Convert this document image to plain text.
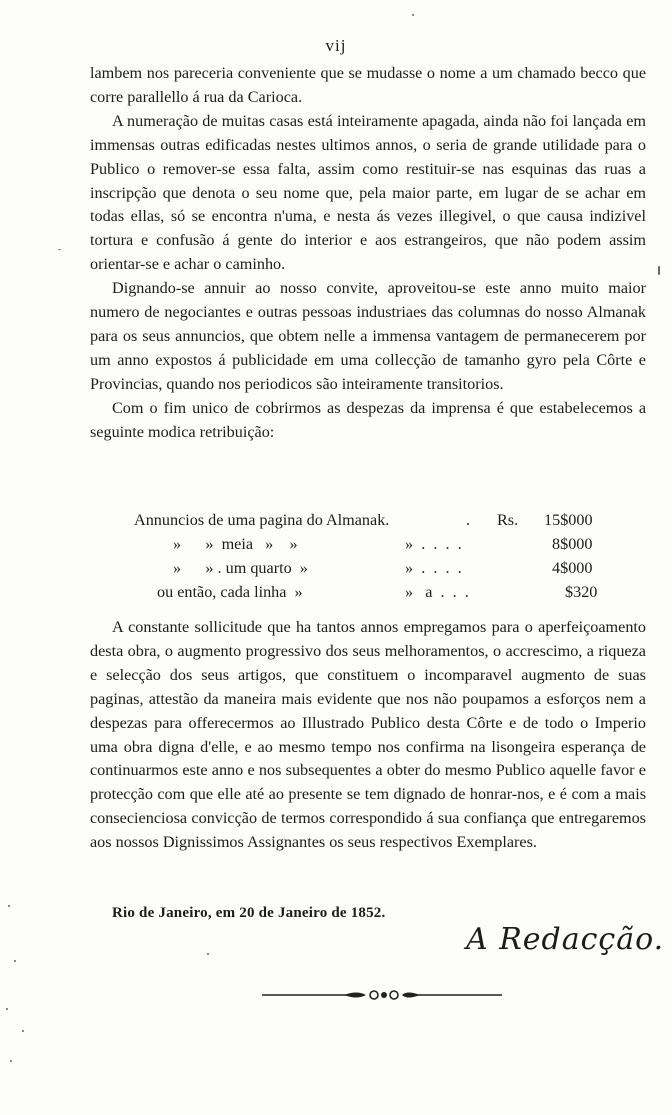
vij

lambem nos pareceria conveniente que se mudasse o nome a um chamado becco que corre parallello á rua da Carioca.

A numeração de muitas casas está inteiramente apagada, ainda não foi lançada em immensas outras edificadas nestes ultimos annos, o seria de grande utilidade para o Publico o remover-se essa falta, assim como restituir-se nas esquinas das ruas a inscripção que denota o seu nome que, pela maior parte, em lugar de se achar em todas ellas, só se encontra n'uma, e nesta ás vezes illegivel, o que causa indizivel tortura e confusão á gente do interior e aos estrangeiros, que não podem assim orientar-se e achar o caminho.

Dignando-se annuir ao nosso convite, aproveitou-se este anno muito maior numero de negociantes e outras pessoas industriaes das columnas do nosso Almanak para os seus annuncios, que obtem nelle a immensa vantagem de permanecerem por um anno expostos á publicidade em uma collecção de tamanho gyro pela Côrte e Provincias, quando nos periodicos são inteiramente transitorios.

Com o fim unico de cobrirmos as despezas da imprensa é que estabelecemos a seguinte modica retribuição:

Annuncios de uma pagina do Almanak.	. Rs. 15$000
»      »  meia   »    »	»  .  .  .  .	8$000
»      » . um quarto  »	»  .  .  .  .	4$000
ou então, cada linha  »	»   a  .  .  .	$320

A constante sollicitude que ha tantos annos empregamos para o aperfeiçoamento desta obra, o augmento progressivo dos seus melhoramentos, o accrescimo, a riqueza e selecção dos seus artigos, que constituem o incomparavel augmento de suas paginas, attestão da maneira mais evidente que nos não poupamos a esforços nem a despezas para offerecermos ao Illustrado Publico desta Côrte e de todo o Imperio uma obra digna d'elle, e ao mesmo tempo nos confirma na lisongeira esperança de continuarmos este anno e nos subsequentes a obter do mesmo Publico aquelle favor e protecção com que elle até ao presente se tem dignado de honrar-nos, e é com a mais consecienciosa convicção de termos correspondido á sua confiança que entregaremos aos nossos Dignissimos Assignantes os seus respectivos Exemplares.

Rio de Janeiro, em 20 de Janeiro de 1852.
A Redacção.
